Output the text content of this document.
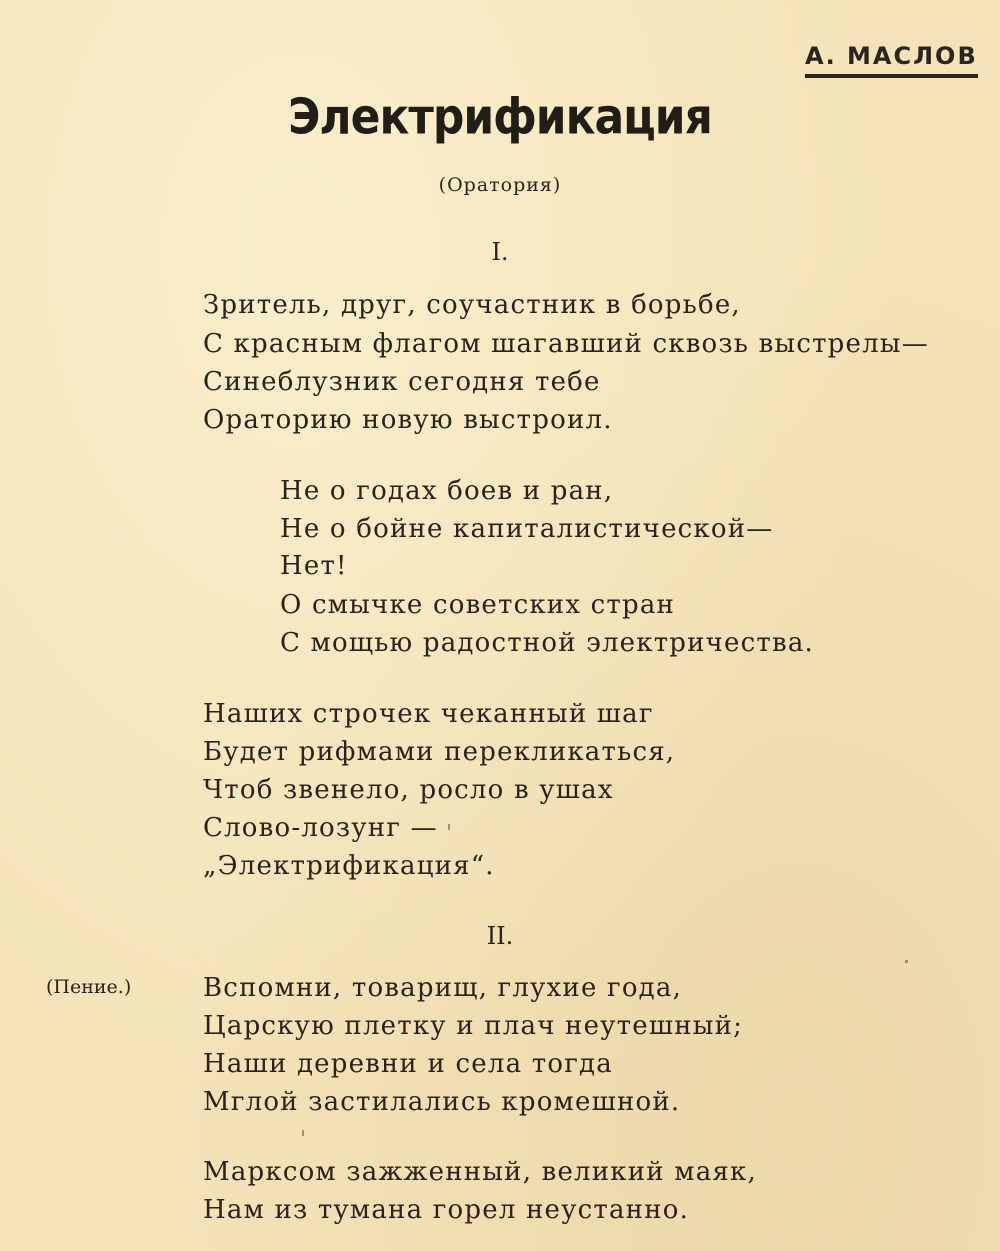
А. МАСЛОВ
Электрификация
(Оратория)
I.
Зритель, друг, соучастник в борьбе,
С красным флагом шагавший сквозь выстрелы—
Синеблузник сегодня тебе
Ораторию новую выстроил.
Не о годах боев и ран,
Не о бойне капиталистической—
Нет!
О смычке советских стран
С мощью радостной электричества.
Наших строчек чеканный шаг
Будет рифмами перекликаться,
Чтоб звенело, росло в ушах
Слово-лозунг —
„Электрификация“.
II.
(Пение.)	Вспомни, товарищ, глухие года,
Царскую плетку и плач неутешный;
Наши деревни и села тогда
Мглой застилались кромешной.
Марксом зажженный, великий маяк,
Нам из тумана горел неустанно.
